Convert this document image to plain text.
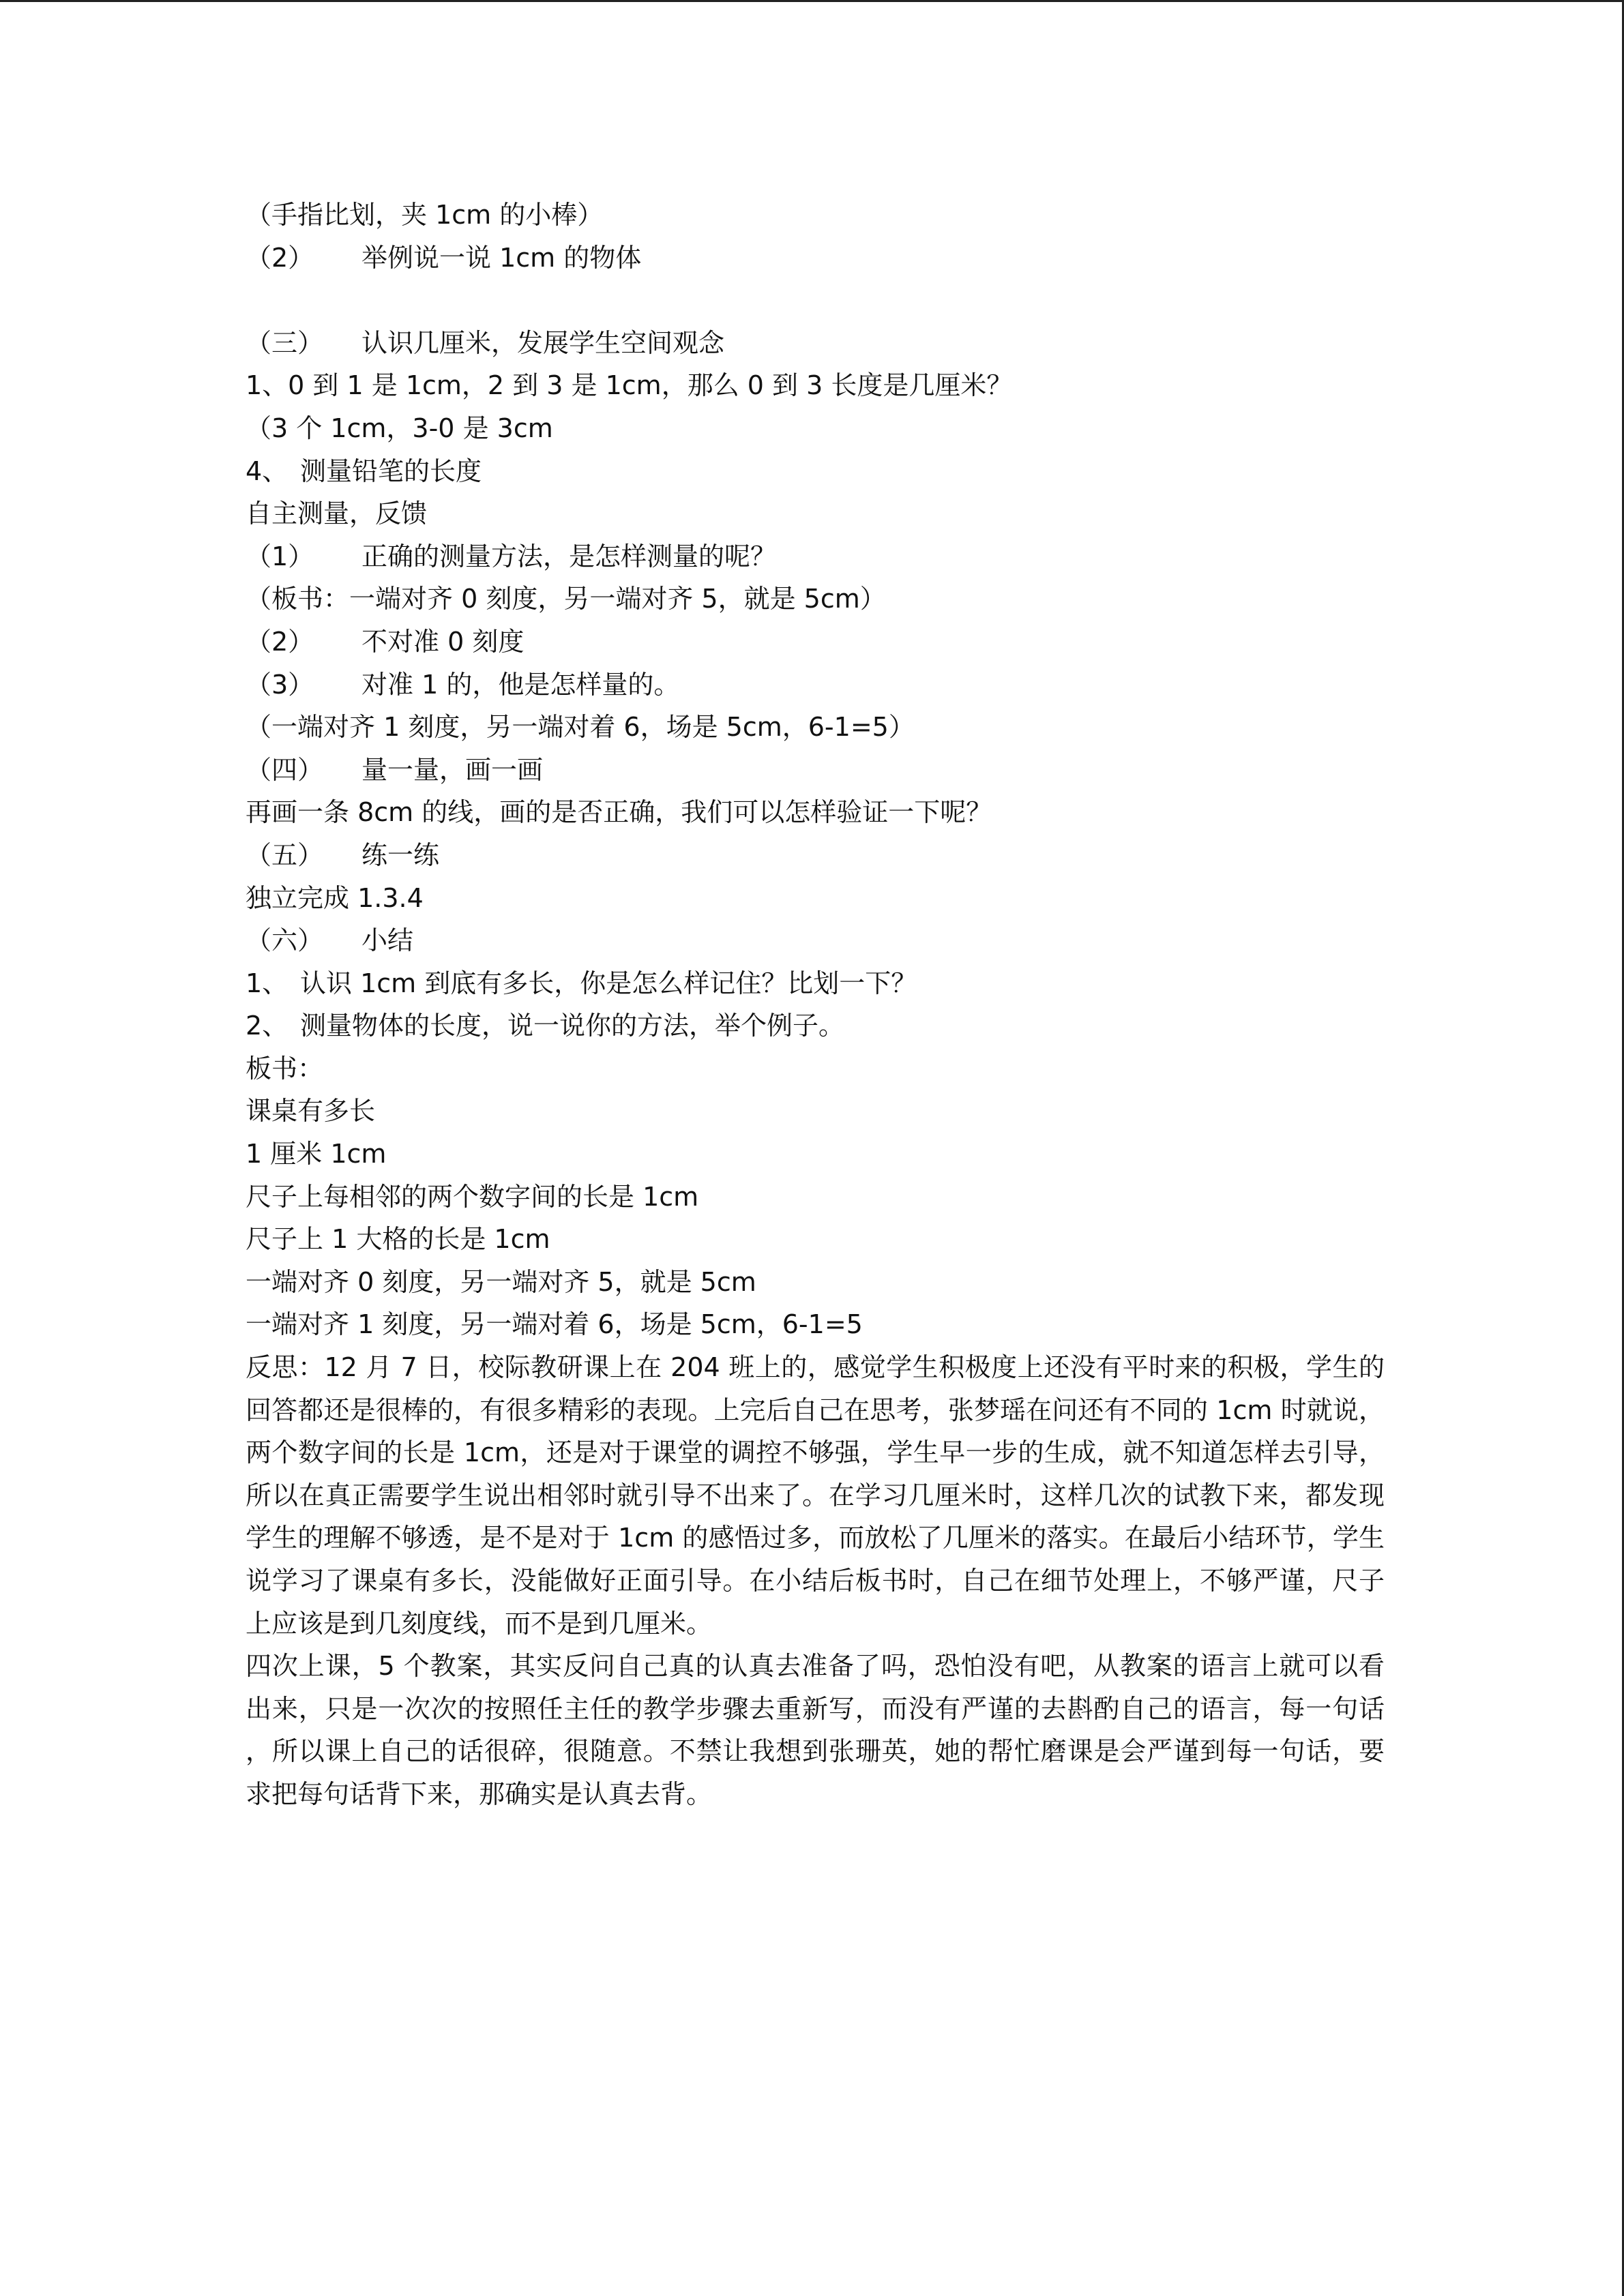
（手指比划，夹 1cm 的小棒）
（2） 举例说一说 1cm 的物体
（三） 认识几厘米，发展学生空间观念
1、0 到 1 是 1cm，2 到 3 是 1cm，那么 0 到 3 长度是几厘米？
（3 个 1cm，3-0 是 3cm
4、 测量铅笔的长度
自主测量，反馈
（1） 正确的测量方法，是怎样测量的呢？
（板书：一端对齐 0 刻度，另一端对齐 5，就是 5cm）
（2） 不对准 0 刻度
（3） 对准 1 的，他是怎样量的。
（一端对齐 1 刻度，另一端对着 6，场是 5cm，6-1=5）
（四） 量一量，画一画
再画一条 8cm 的线，画的是否正确，我们可以怎样验证一下呢？
（五） 练一练
独立完成 1.3.4
（六） 小结
1、 认识 1cm 到底有多长，你是怎么样记住？比划一下？
2、 测量物体的长度，说一说你的方法，举个例子。
板书：
课桌有多长
1 厘米 1cm
尺子上每相邻的两个数字间的长是 1cm
尺子上 1 大格的长是 1cm
一端对齐 0 刻度，另一端对齐 5，就是 5cm
一端对齐 1 刻度，另一端对着 6，场是 5cm，6-1=5
反思：12 月 7 日，校际教研课上在 204 班上的，感觉学生积极度上还没有平时来的积极，学生的回答都还是很棒的，有很多精彩的表现。上完后自己在思考，张梦瑶在问还有不同的 1cm 时就说，两个数字间的长是 1cm，还是对于课堂的调控不够强，学生早一步的生成，就不知道怎样去引导，所以在真正需要学生说出相邻时就引导不出来了。在学习几厘米时，这样几次的试教下来，都发现学生的理解不够透，是不是对于 1cm 的感悟过多，而放松了几厘米的落实。在最后小结环节，学生说学习了课桌有多长，没能做好正面引导。在小结后板书时，自己在细节处理上，不够严谨，尺子上应该是到几刻度线，而不是到几厘米。
四次上课，5 个教案，其实反问自己真的认真去准备了吗，恐怕没有吧，从教案的语言上就可以看出来，只是一次次的按照任主任的教学步骤去重新写，而没有严谨的去斟酌自己的语言，每一句话，所以课上自己的话很碎，很随意。不禁让我想到张珊英，她的帮忙磨课是会严谨到每一句话，要求把每句话背下来，那确实是认真去背。
